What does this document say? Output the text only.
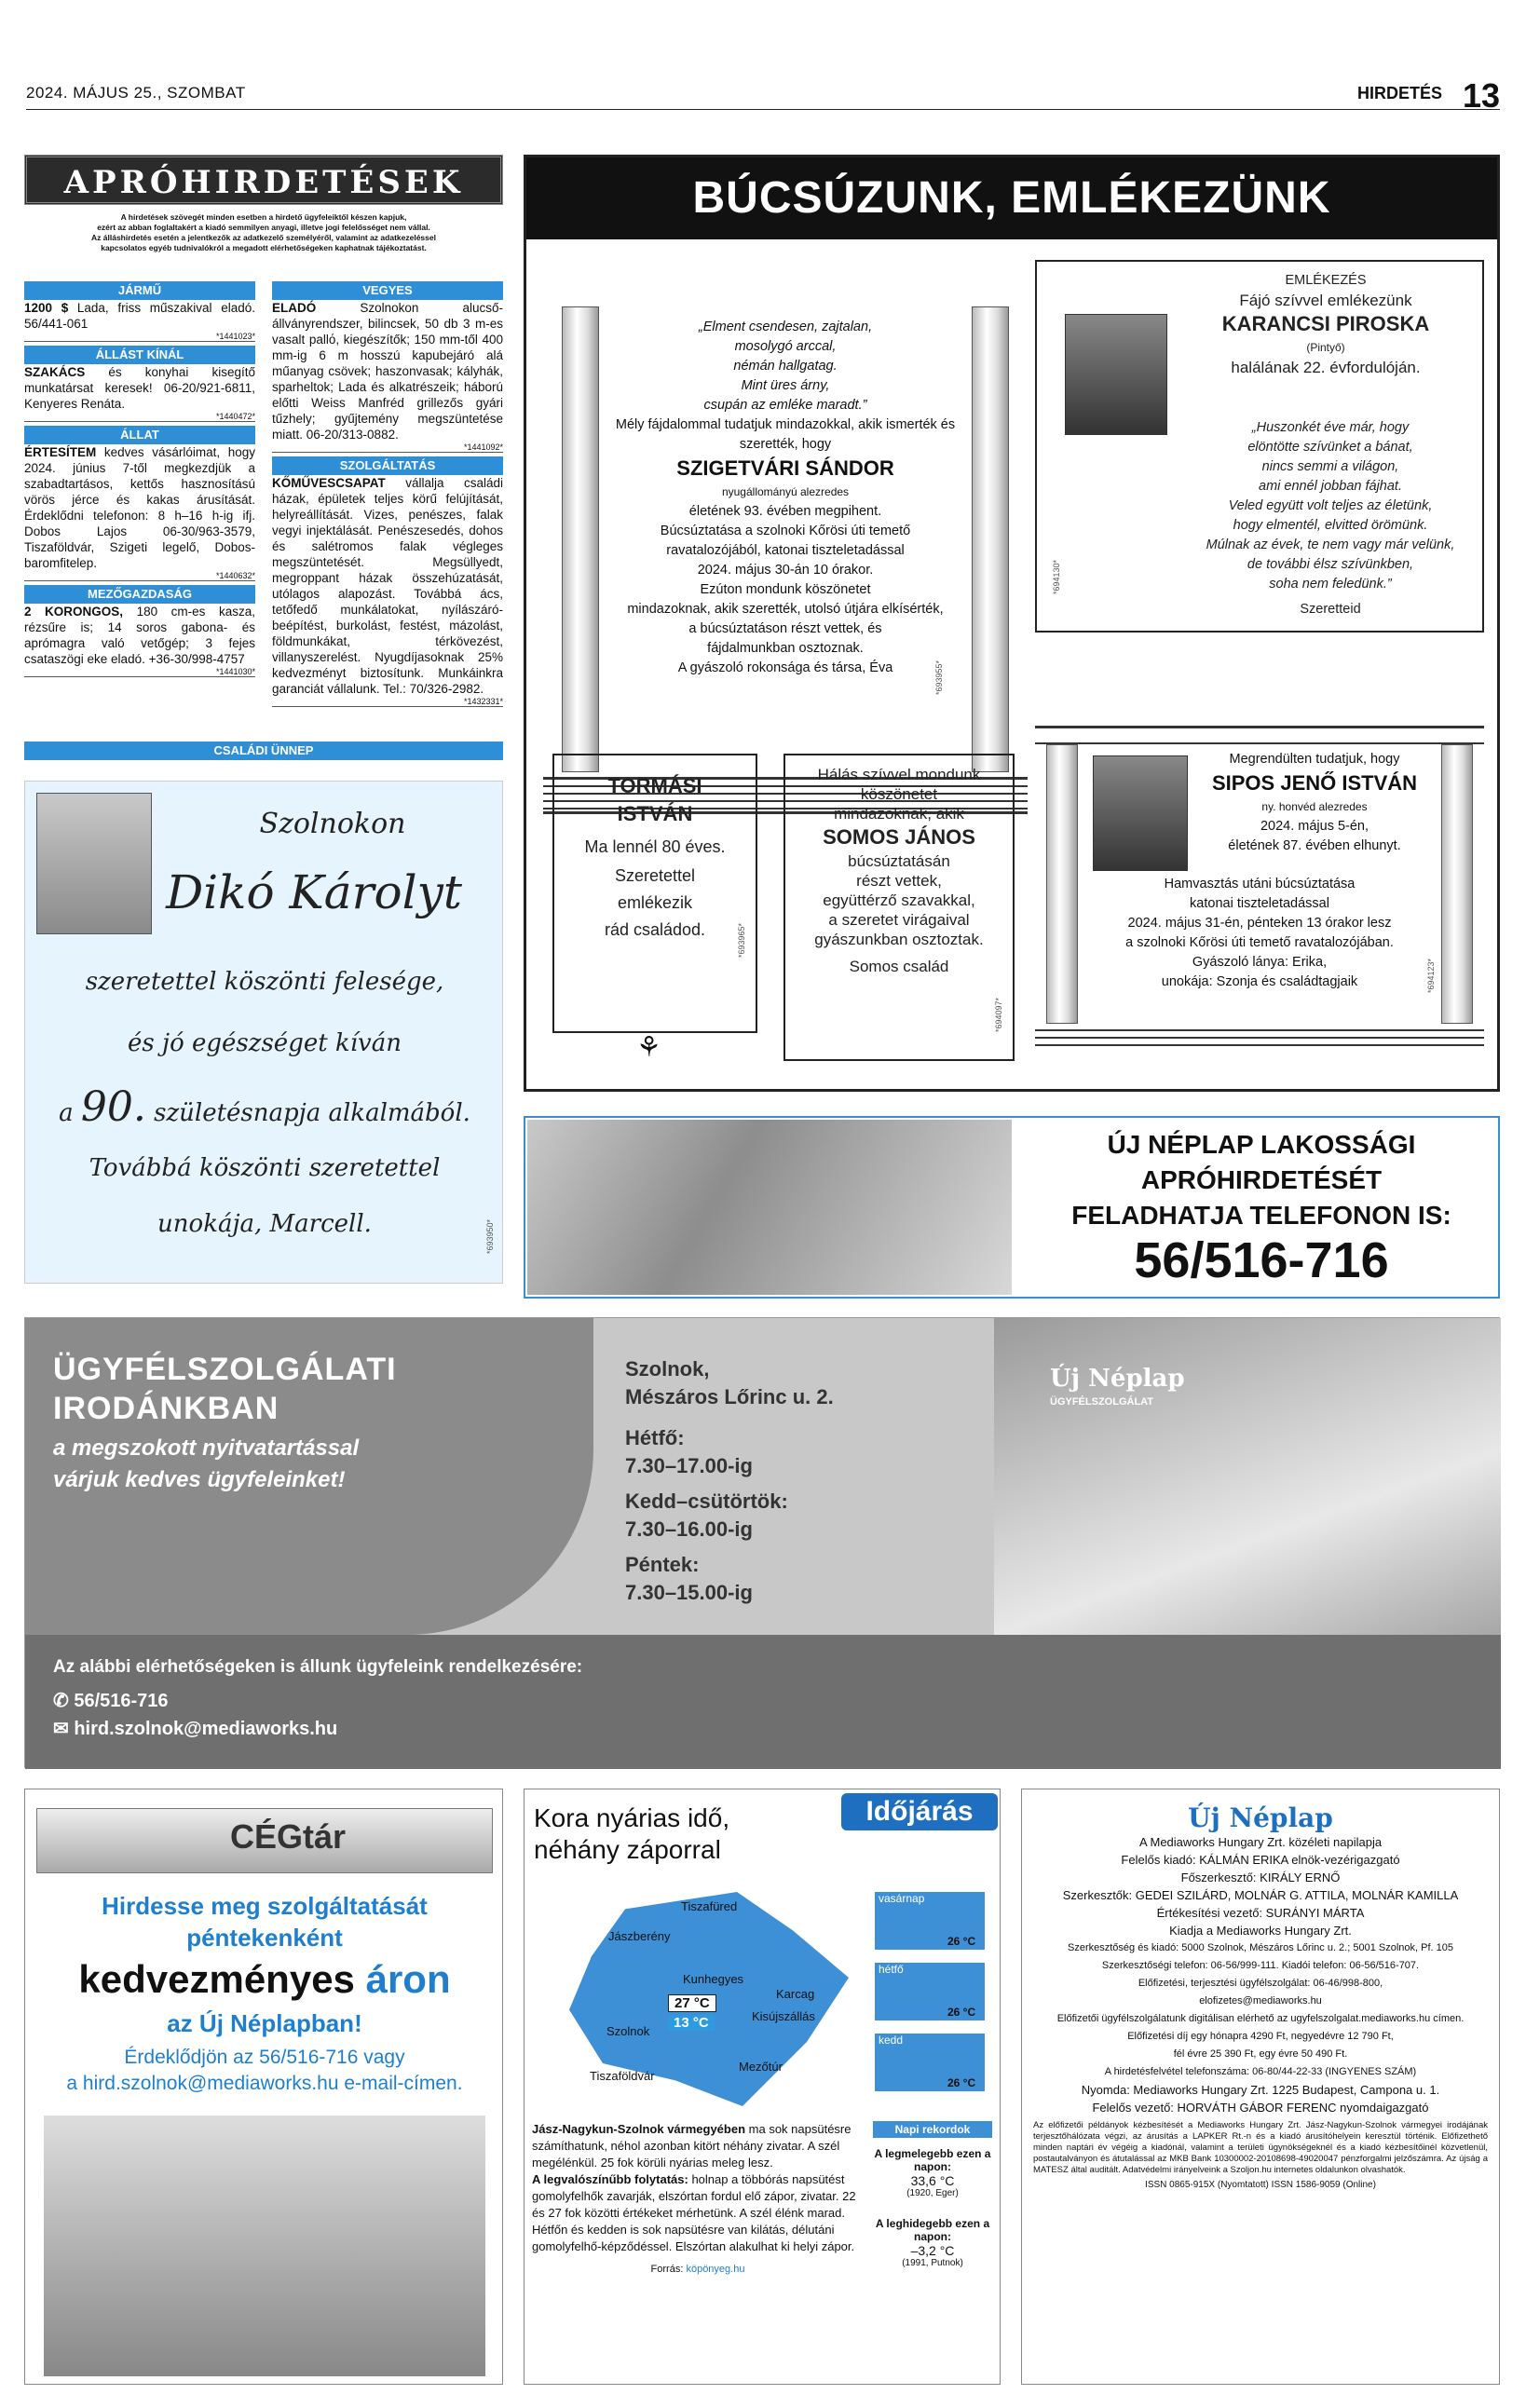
2024. MÁJUS 25., SZOMBAT	HIRDETÉS 13
APRÓHIRDETÉSEK
A hirdetések szövegét minden esetben a hirdető ügyfeleiktől készen kapjuk,
ezért az abban foglaltakért a kiadó semmilyen anyagi, illetve jogi felelősséget nem vállal.
Az álláshirdetés esetén a jelentkezők az adatkezelő személyéről, valamint az adatkezeléssel
kapcsolatos egyéb tudnivalókról a megadott elérhetőségeken kaphatnak tájékoztatást.
JÁRMŰ
1200 $ Lada, friss műszakival eladó. 56/441-061
*1441023*
ÁLLÁST KÍNÁL
SZAKÁCS és konyhai kisegítő munkatársat keresek! 06-20/921-6811, Kenyeres Renáta.
*1440472*
ÁLLAT
ÉRTESÍTEM kedves vásárlóimat, hogy 2024. június 7-től megkezdjük a szabadtartásos, kettős hasznosítású vörös jérce és kakas árusítását. Érdeklődni telefonon: 8 h–16 h-ig ifj. Dobos Lajos 06-30/963-3579, Tiszaföldvár, Szigeti legelő, Dobos-baromfitelep.
*1440632*
MEZŐGAZDASÁG
2 KORONGOS, 180 cm-es kasza, rézsűre is; 14 soros gabona- és aprómagra való vetőgép; 3 fejes csataszögi eke eladó. +36-30/998-4757
*1441030*
VEGYES
ELADÓ Szolnokon alucső-állványrendszer, bilincsek, 50 db 3 m-es vasalt pallό, kiegészítők; 150 mm-től 400 mm-ig 6 m hosszú kapubejáró alá műanyag csövek; haszonvasak; kályhák, sparheltok; Lada és alkatrészeik; háború előtti Weiss Manfréd grillezős gyári tűzhely; gyűjtemény megszüntetése miatt. 06-20/313-0882.
*1441092*
SZOLGÁLTATÁS
KŐMŰVESCSAPAT vállalja családi házak, épületek teljes körű felújítását, helyreállítását. Vizes, penészes, falak vegyi injektálását. Penészesedés, dohos és salétromos falak végleges megszüntetését. Megsüllyedt, megroppant házak összehúzatását, utólagos alapozást. Továbbá ács, tetőfedő munkálatokat, nyílászáró-beépítést, burkolást, festést, mázolást, földmunkákat, térkövezést, villanyszerelést. Nyugdíjasoknak 25% kedvezményt biztosítunk. Munkáinkra garanciát vállalunk. Tel.: 70/326-2982.
*1432331*
CSALÁDI ÜNNEP
Szolnokon
Dikó Károlyt
szeretettel köszönti felesége,
és jó egészséget kíván
a 90. születésnapja alkalmából.
Továbbá köszönti szeretettel
unokája, Marcell.	*693950*
BÚCSÚZUNK, EMLÉKEZÜNK
„Elment csendesen, zajtalan,
mosolygó arccal,
némán hallgatag.
Mint üres árny,
csupán az emléke maradt.”
Mély fájdalommal tudatjuk mindazokkal, akik ismerték és szerették, hogy
SZIGETVÁRI SÁNDOR
nyugállományú alezredes
életének 93. évében megpihent.
Búcsúztatása a szolnoki Kőrösi úti temető
ravatalozójából, katonai tiszteletadással
2024. május 30-án 10 órakor.
Ezúton mondunk köszönetet
mindazoknak, akik szerették, utolsó útjára elkísérték,
a búcsúztatáson részt vettek, és
fájdalmunkban osztoznak.
A gyászoló rokonsága és társa, Éva	*693955*
EMLÉKEZÉS
Fájó szívvel emlékezünk
KARANCSI PIROSKA
(Pintyő)
halálának 22. évfordulóján.
„Huszonkét éve már, hogy
elöntötte szívünket a bánat,
nincs semmi a világon,
ami ennél jobban fájhat.
Veled együtt volt teljes az életünk,
hogy elmentél, elvitted örömünk.
Múlnak az évek, te nem vagy már velünk,
de további élsz szívünkben,
soha nem feledünk.”
Szeretteid
*694130*
TORMÁSI
ISTVÁN
Ma lennél 80 éves.
Szeretettel
emlékezik
rád családod.	*693965*
⚘
Hálás szívvel mondunk
köszönetet
mindazoknak, akik
SOMOS JÁNOS
búcsúztatásán
részt vettek,
együttérző szavakkal,
a szeretet virágaival
gyászunkban osztoztak.
Somos család
*694097*
Megrendülten tudatjuk, hogy
SIPOS JENŐ ISTVÁN
ny. honvéd alezredes
2024. május 5-én,
életének 87. évében elhunyt.
Hamvasztás utáni búcsúztatása
katonai tiszteletadással
2024. május 31-én, pénteken 13 órakor lesz
a szolnoki Kőrösi úti temető ravatalozójában.
Gyászoló lánya: Erika,
unokája: Szonja és családtagjaik	*694123*
ÚJ NÉPLAP LAKOSSÁGI
APRÓHIRDETÉSÉT
FELADHATJA TELEFONON IS:
56/516-716
Új Néplap
ÜGYFÉLSZOLGÁLAT
ÜGYFÉLSZOLGÁLATI
IRODÁNKBAN
a megszokott nyitvatartással
várjuk kedves ügyfeleinket!
Szolnok,
Mészáros Lőrinc u. 2.
Hétfő:
7.30–17.00-ig
Kedd–csütörtök:
7.30–16.00-ig
Péntek:
7.30–15.00-ig
Az alábbi elérhetőségeken is állunk ügyfeleink rendelkezésére:
✆ 56/516-716
✉ hird.szolnok@mediaworks.hu
CÉGtár
Hirdesse meg szolgáltatását
péntekenként
kedvezményes áron
az Új Néplapban!
Érdeklődjön az 56/516-716 vagy
a hird.szolnok@mediaworks.hu e-mail-címen.
Időjárás
Kora nyárias idő,
néhány záporral
Tiszafüred
Jászberény
Kunhegyes
Karcag
Kisújszállás
Szolnok
Mezőtúr
Tiszaföldvár
27 °C
13 °C
vasárnap
26 °C
hétfő
26 °C
kedd
26 °C
Jász-Nagykun-Szolnok vármegyében ma sok napsütésre számíthatunk, néhol azonban kitört néhány zivatar. A szél megélénkül. 25 fok körüli nyárias meleg lesz.
A legvalószínűbb folytatás: holnap a többórás napsütést gomolyfelhők zavarják, elszórtan fordul elő zápor, zivatar. 22 és 27 fok közötti értékeket mérhetünk. A szél élénk marad. Hétfőn és kedden is sok napsütésre van kilátás, délutáni gomolyfelhő-képződéssel. Elszórtan alakulhat ki helyi zápor.
Forrás: köpönyeg.hu
Napi rekordok
A legmelegebb ezen a napon:
33,6 °C
(1920, Eger)
A leghidegebb ezen a napon:
–3,2 °C
(1991, Putnok)
Új Néplap

A Mediaworks Hungary Zrt. közéleti napilapja

Felelős kiadó: KÁLMÁN ERIKA elnök-vezérigazgató

Főszerkesztő: KIRÁLY ERNŐ

Szerkesztők: GEDEI SZILÁRD, MOLNÁR G. ATTILA, MOLNÁR KAMILLA

Értékesítési vezető: SURÁNYI MÁRTA

Kiadja a Mediaworks Hungary Zrt.

Szerkesztőség és kiadó: 5000 Szolnok, Mészáros Lőrinc u. 2.; 5001 Szolnok, Pf. 105

Szerkesztőségi telefon: 06-56/999-111. Kiadói telefon: 06-56/516-707.

Előfizetési, terjesztési ügyfélszolgálat: 06-46/998-800,

elofizetes@mediaworks.hu

Előfizetői ügyfélszolgálatunk digitálisan elérhető az ugyfelszolgalat.mediaworks.hu címen.

Előfizetési díj egy hónapra 4290 Ft, negyedévre 12 790 Ft,

fél évre 25 390 Ft, egy évre 50 490 Ft.

A hirdetésfelvétel telefonszáma: 06-80/44-22-33 (INGYENES SZÁM)

Nyomda: Mediaworks Hungary Zrt. 1225 Budapest, Campona u. 1.

Felelős vezető: HORVÁTH GÁBOR FERENC nyomdaigazgató

Az előfizetői példányok kézbesítését a Mediaworks Hungary Zrt. Jász-Nagykun-Szolnok vármegyei irodájának terjesztőhálózata végzi, az árusítás a LAPKER Rt.-n és a kiadó árusítóhelyein keresztül történik. Előfizethető minden naptári év végéig a kiadónál, valamint a területi ügynökségeknél és a kiadó kézbesítőinél közvetlenül, postautalványon és átutalással az MKB Bank 10300002-20108698-49020047 pénzforgalmi jelzőszámra. Az újság a MATESZ által auditált. Adatvédelmi irányelveink a Szoljon.hu internetes oldalunkon olvashatók.
ISSN 0865-915X (Nyomtatott) ISSN 1586-9059 (Online)
